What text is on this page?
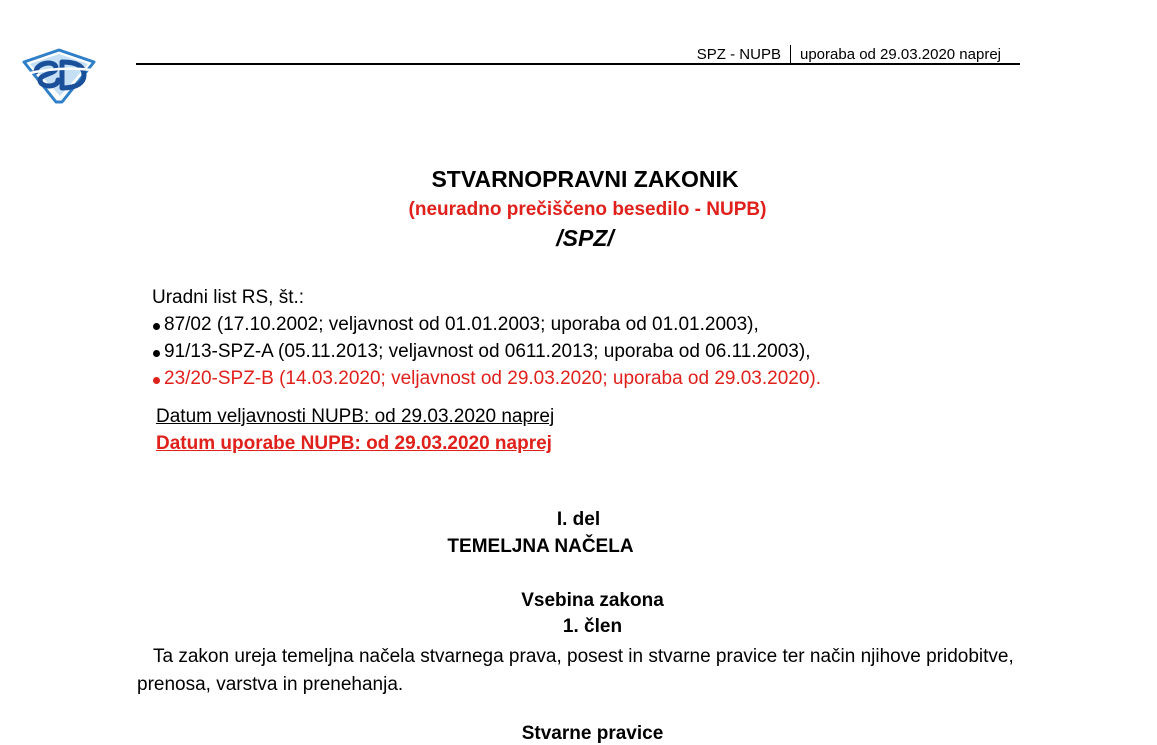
SPZ - NUPB uporaba od 29.03.2020 naprej
STVARNOPRAVNI ZAKONIK
(neuradno prečiščeno besedilo - NUPB)
/SPZ/
Uradni list RS, št.:
87/02 (17.10.2002; veljavnost od 01.01.2003; uporaba od 01.01.2003),
91/13-SPZ-A (05.11.2013; veljavnost od 0611.2013; uporaba od 06.11.2003),
23/20-SPZ-B (14.03.2020; veljavnost od 29.03.2020; uporaba od 29.03.2020).
Datum veljavnosti NUPB: od 29.03.2020 naprej
Datum uporabe NUPB: od 29.03.2020 naprej
I. del
TEMELJNA NAČELA
Vsebina zakona
1. člen
Ta zakon ureja temeljna načela stvarnega prava, posest in stvarne pravice ter način njihove pridobitve, prenosa, varstva in prenehanja.
Stvarne pravice
